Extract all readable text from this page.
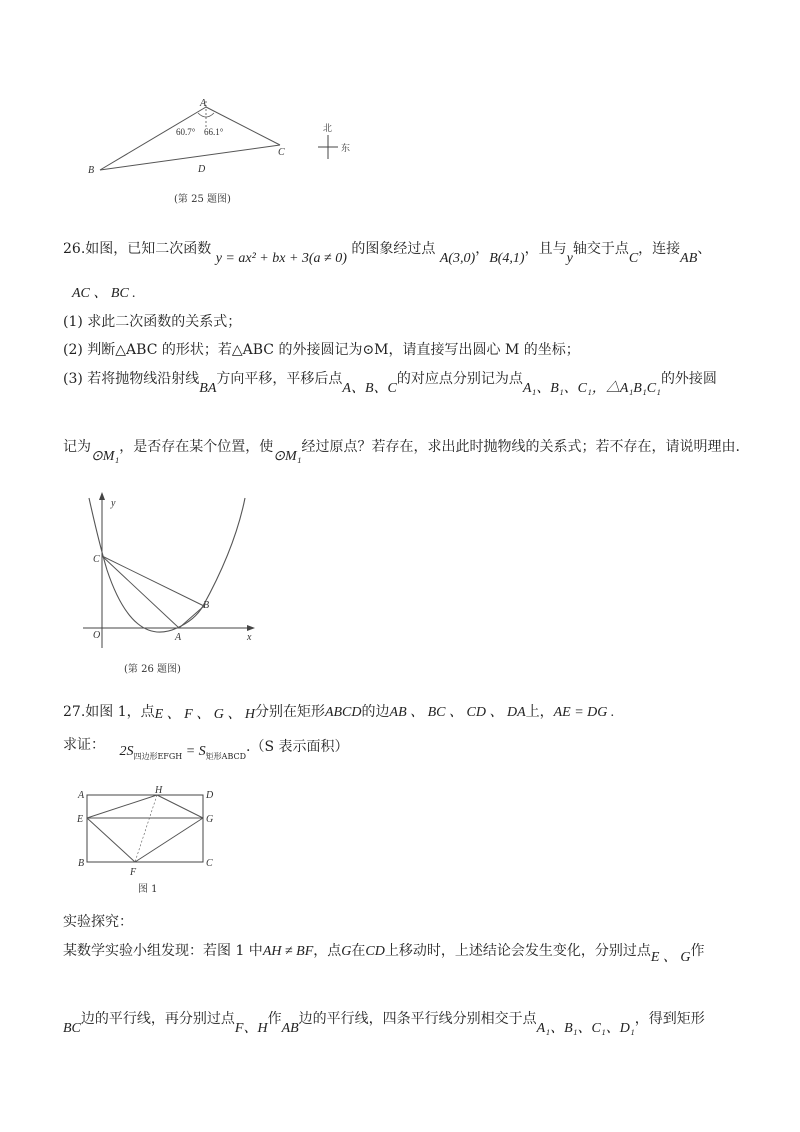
A
B
C
D
60.7° 66.1°	北
东
(第 25 题图)
26.如图，已知二次函数 y = ax² + bx + 3(a ≠ 0) 的图象经过点 A(3,0)，B(4,1)，且与y轴交于点C，连接AB、
AC 、 BC .
(1) 求此二次函数的关系式；
(2) 判断△ABC 的形状；若△ABC 的外接圆记为⊙M，请直接写出圆心 M 的坐标；
(3) 若将抛物线沿射线BA方向平移，平移后点A、B、C的对应点分别记为点A₁、B₁、C₁，△A₁B₁C₁的外接圆
记为⊙M₁，是否存在某个位置，使⊙M₁经过原点？若存在，求出此时抛物线的关系式；若不存在，请说明理由.
y
x
O	A
B
C
(第 26 题图)
27.如图 1，点E 、 F 、 G 、 H分别在矩形ABCD的边AB 、 BC 、 CD 、 DA上，AE = DG .
求证： $2S_{四边形EFGH} = S_{矩形ABCD}.(S$ 表示面积）
A	H	D
E	G
B
F
C
图 1
实验探究：
某数学实验小组发现：若图 1 中AH ≠ BF，点G在CD上移动时，上述结论会发生变化，分别过点E 、 G作
BC边的平行线，再分别过点F、H作AB边的平行线，四条平行线分别相交于点A₁、B₁、C₁、D₁，得到矩形
